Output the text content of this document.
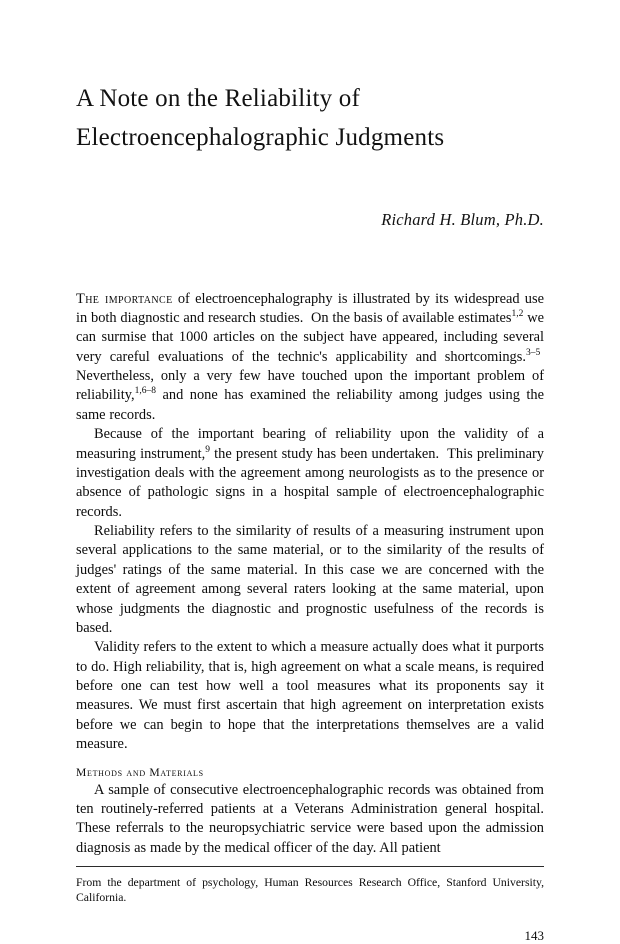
A Note on the Reliability of
Electroencephalographic Judgments
Richard H. Blum, Ph.D.

The importance of electroencephalography is illustrated by its widespread use in both diagnostic and research studies.  On the basis of available estimates$^{1,2}$ we can surmise that 1000 articles on the subject have appeared, including several very careful evaluations of the technic's applicability and shortcomings.$^{3-5}$  Nevertheless, only a very few have touched upon the important problem of reliability,$^{1,6-8}$ and none has examined the reliability among judges using the same records.

Because of the important bearing of reliability upon the validity of a measuring instrument,$^9$ the present study has been undertaken.  This preliminary investigation deals with the agreement among neurologists as to the presence or absence of pathologic signs in a hospital sample of electroencephalographic records.

Reliability refers to the similarity of results of a measuring instrument upon several applications to the same material, or to the similarity of the results of judges' ratings of the same material. In this case we are concerned with the extent of agreement among several raters looking at the same material, upon whose judgments the diagnostic and prognostic usefulness of the records is based.

Validity refers to the extent to which a measure actually does what it purports to do. High reliability, that is, high agreement on what a scale means, is required before one can test how well a tool measures what its proponents say it measures. We must first ascertain that high agreement on interpretation exists before we can begin to hope that the interpretations themselves are a valid measure.

Methods and Materials

A sample of consecutive electroencephalographic records was obtained from ten routinely-referred patients at a Veterans Administration general hospital. These referrals to the neuropsychiatric service were based upon the admission diagnosis as made by the medical officer of the day. All patient

From the department of psychology, Human Resources Research Office, Stanford University, California.

143
